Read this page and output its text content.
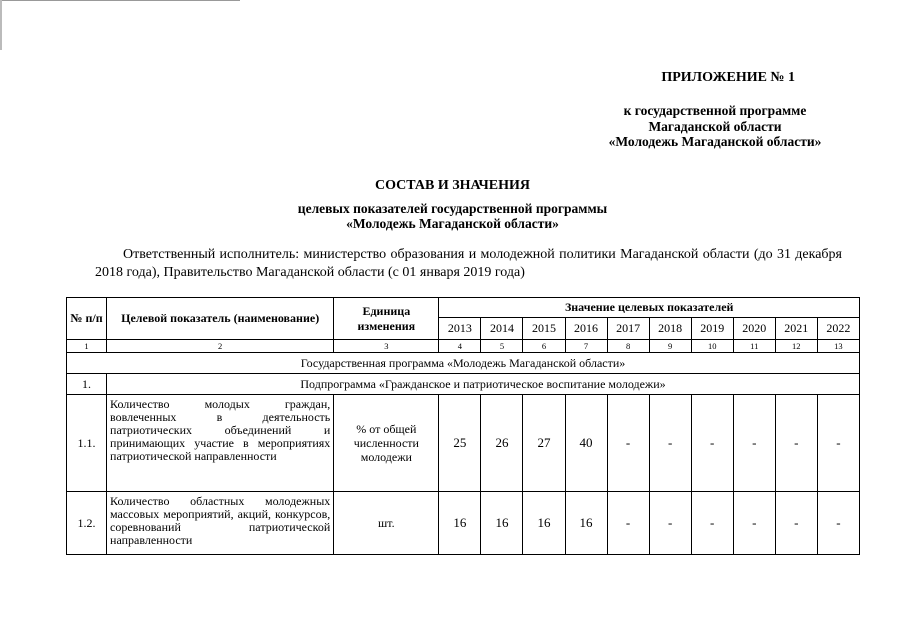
ПРИЛОЖЕНИЕ № 1
к государственной программе
Магаданской области
«Молодежь Магаданской области»
СОСТАВ И ЗНАЧЕНИЯ
целевых показателей государственной программы
«Молодежь Магаданской области»
Ответственный исполнитель: министерство образования и молодежной политики Магаданской области (до 31 декабря 2018 года), Правительство Магаданской области (с 01 января 2019 года)
№ п/п	Целевой показатель (наименование)	Единица изменения	Значение целевых показателей									
			2013	2014	2015	2016	2017	2018	2019	2020	2021	2022
1	2	3	4	5	6	7	8	9	10	11	12	13
Государственная программа «Молодежь Магаданской области»												
1.	Подпрограмма «Гражданское и патриотическое воспитание молодежи»											
1.1.	Количество молодых граждан, вовлеченных в деятельность патриотических объединений и принимающих участие в мероприятиях патриотической направленности	% от общей численности молодежи	25	26	27	40	-	-	-	-	-	-
1.2.	Количество областных молодежных массовых мероприятий, акций, конкурсов, соревнований патриотической направленности	шт.	16	16	16	16	-	-	-	-	-	-
